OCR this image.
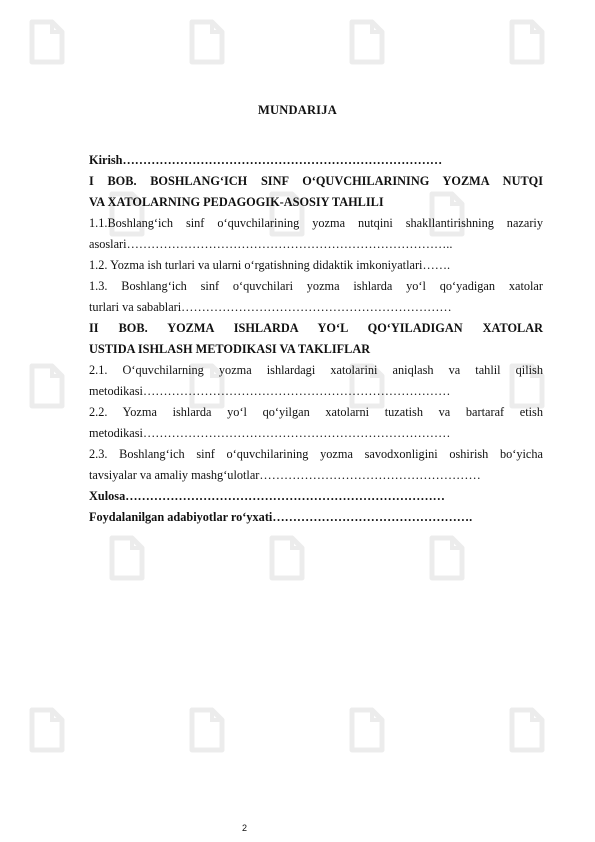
MUNDARIJA
Kirish……………………………………………………………………
I BOB. BOSHLANG‘ICH SINF O‘QUVCHILARINING YOZMA NUTQI
VA XATOLARNING PEDAGOGIK-ASOSIY TAHLILI
1.1.Boshlang‘ich sinf o‘quvchilarining yozma nutqini shakllantirishning nazariy
asoslari……………………………………………………………………..
1.2. Yozma ish turlari va ularni o‘rgatishning didaktik imkoniyatlari…….
1.3. Boshlang‘ich sinf o‘quvchilari yozma ishlarda yo‘l qo‘yadigan xatolar
turlari va sabablari…………………………………………………………
II BOB. YOZMA ISHLARDA YO‘L QO‘YILADIGAN XATOLAR
USTIDA ISHLASH METODIKASI VA TAKLIFLAR
2.1. O‘quvchilarning yozma ishlardagi xatolarini aniqlash va tahlil qilish
metodikasi…………………………………………………………………
2.2. Yozma ishlarda yo‘l qo‘yilgan xatolarni tuzatish va bartaraf etish
metodikasi…………………………………………………………………
2.3. Boshlang‘ich sinf o‘quvchilarining yozma savodxonligini oshirish bo‘yicha
tavsiyalar va amaliy mashg‘ulotlar………………………………………………
Xulosa……………………………………………………………………
Foydalanilgan adabiyotlar ro‘yxati………………………………………….
2
